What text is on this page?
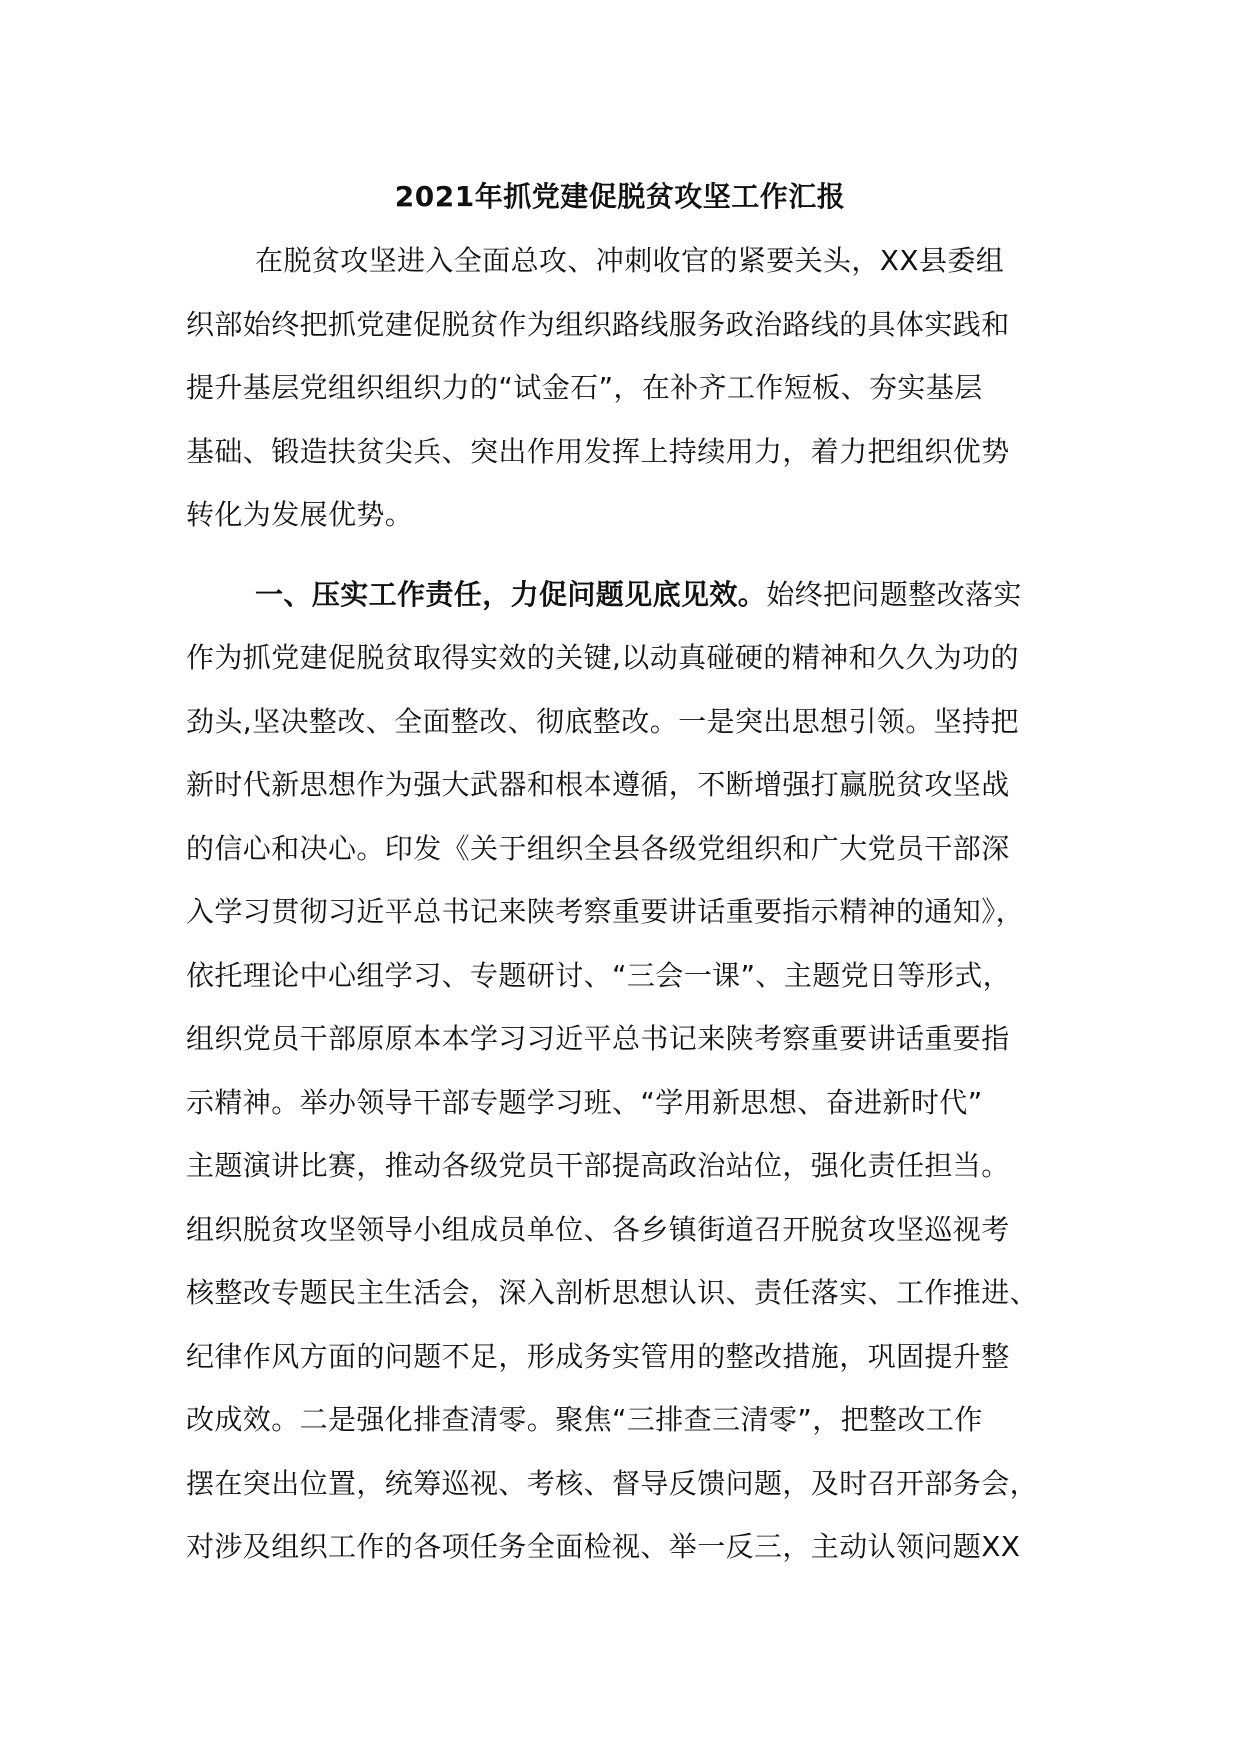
2021年抓党建促脱贫攻坚工作汇报
在脱贫攻坚进入全面总攻、冲刺收官的紧要关头，XX县委组
织部始终把抓党建促脱贫作为组织路线服务政治路线的具体实践和
提升基层党组织组织力的“试金石”，在补齐工作短板、夯实基层
基础、锻造扶贫尖兵、突出作用发挥上持续用力，着力把组织优势
转化为发展优势。
一、压实工作责任，力促问题见底见效。始终把问题整改落实
作为抓党建促脱贫取得实效的关键,以动真碰硬的精神和久久为功的
劲头,坚决整改、全面整改、彻底整改。一是突出思想引领。坚持把
新时代新思想作为强大武器和根本遵循，不断增强打赢脱贫攻坚战
的信心和决心。印发《关于组织全县各级党组织和广大党员干部深
入学习贯彻习近平总书记来陕考察重要讲话重要指示精神的通知》，
依托理论中心组学习、专题研讨、“三会一课”、主题党日等形式，
组织党员干部原原本本学习习近平总书记来陕考察重要讲话重要指
示精神。举办领导干部专题学习班、“学用新思想、奋进新时代”
主题演讲比赛，推动各级党员干部提高政治站位，强化责任担当。
组织脱贫攻坚领导小组成员单位、各乡镇街道召开脱贫攻坚巡视考
核整改专题民主生活会，深入剖析思想认识、责任落实、工作推进、
纪律作风方面的问题不足，形成务实管用的整改措施，巩固提升整
改成效。二是强化排查清零。聚焦“三排查三清零”，把整改工作
摆在突出位置，统筹巡视、考核、督导反馈问题，及时召开部务会，
对涉及组织工作的各项任务全面检视、举一反三，主动认领问题XX
